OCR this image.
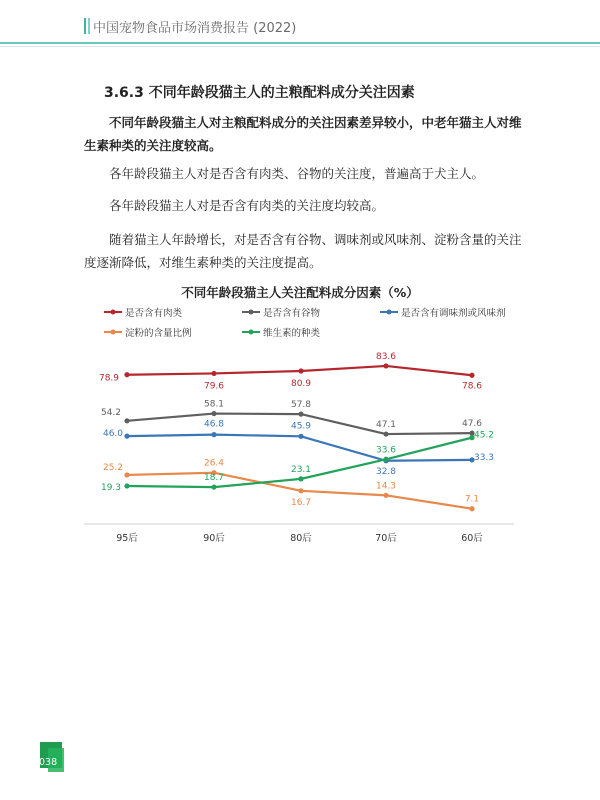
中国宠物食品市场消费报告 (2022)
3.6.3 不同年龄段猫主人的主粮配料成分关注因素
不同年龄段猫主人对主粮配料成分的关注因素差异较小，中老年猫主人对维生素种类的关注度较高。
各年龄段猫主人对是否含有肉类、谷物的关注度，普遍高于犬主人。
各年龄段猫主人对是否含有肉类的关注度均较高。
随着猫主人年龄增长，对是否含有谷物、调味剂或风味剂、淀粉含量的关注度逐渐降低，对维生素种类的关注度提高。
不同年龄段猫主人关注配料成分因素（%）
是否含有肉类	是否含有谷物	是否含有调味剂或风味剂
淀粉的含量比例	维生素的种类
78.9
79.6	80.9
83.6
78.6
54.2
58.1	57.8
47.1	47.6
46.0
46.8	45.9
32.8
33.3
25.2	26.4
16.7
14.3
7.1
19.3
18.7
23.1
33.6
45.2
95后	90后	80后	70后	60后
038
